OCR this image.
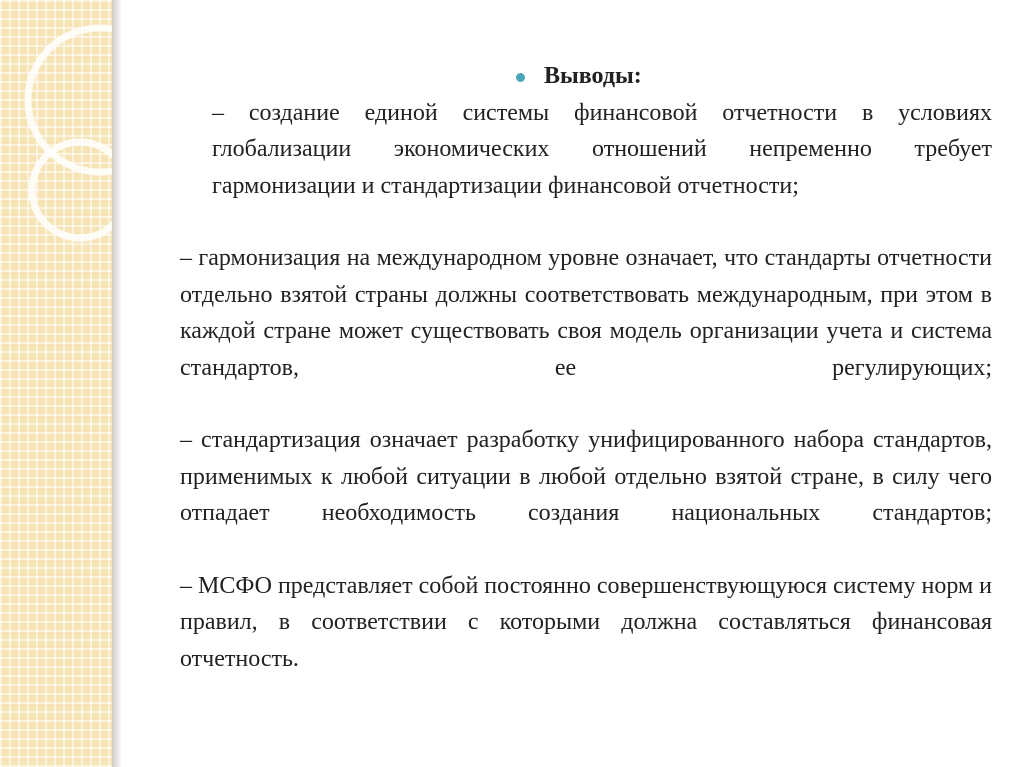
Выводы:

– создание единой системы финансовой отчетности в условиях глобализации экономических отношений непременно требует гармонизации и стандартизации финансовой отчетности;

– гармонизация на международном уровне означает, что стандарты отчетности отдельно взятой страны должны соответствовать международным, при этом в каждой стране может существовать своя модель организации учета и система стандартов, ее регулирующих;

– стандартизация означает разработку унифицированного набора стандартов, применимых к любой ситуации в любой отдельно взятой стране, в силу чего отпадает необходимость создания национальных стандартов;

– МСФО представляет собой постоянно совершенствующуюся систему норм и правил, в соответствии с которыми должна составляться финансовая отчетность.
